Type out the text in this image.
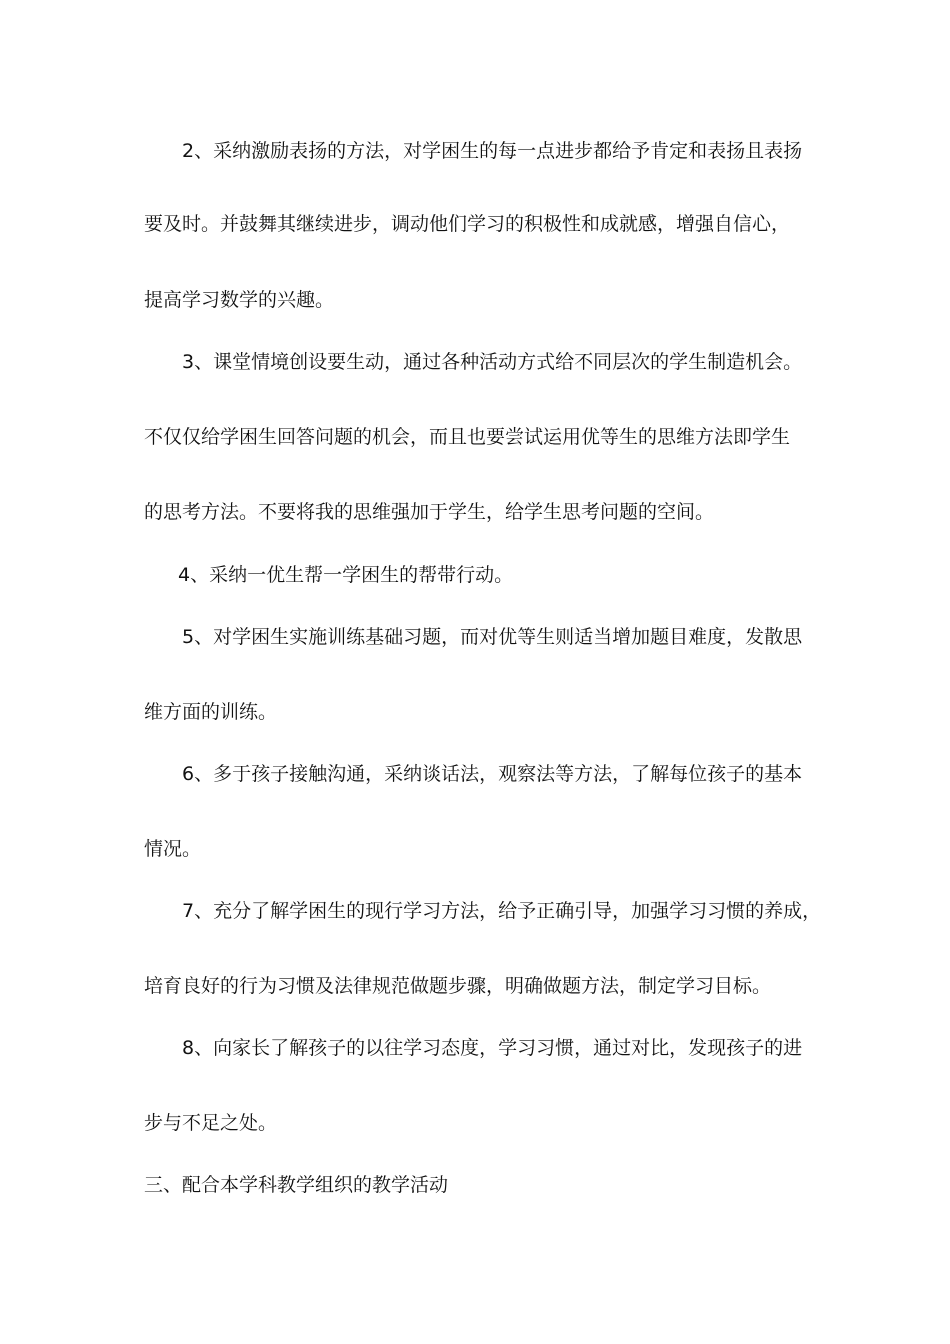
2、采纳激励表扬的方法，对学困生的每一点进步都给予肯定和表扬且表扬
要及时。并鼓舞其继续进步，调动他们学习的积极性和成就感，增强自信心，
提高学习数学的兴趣。
3、课堂情境创设要生动，通过各种活动方式给不同层次的学生制造机会。
不仅仅给学困生回答问题的机会，而且也要尝试运用优等生的思维方法即学生
的思考方法。不要将我的思维强加于学生，给学生思考问题的空间。
4、采纳一优生帮一学困生的帮带行动。
5、对学困生实施训练基础习题，而对优等生则适当增加题目难度，发散思
维方面的训练。
6、多于孩子接触沟通，采纳谈话法，观察法等方法，了解每位孩子的基本
情况。
7、充分了解学困生的现行学习方法，给予正确引导，加强学习习惯的养成，
培育良好的行为习惯及法律规范做题步骤，明确做题方法，制定学习目标。
8、向家长了解孩子的以往学习态度，学习习惯，通过对比，发现孩子的进
步与不足之处。
三、配合本学科教学组织的教学活动
